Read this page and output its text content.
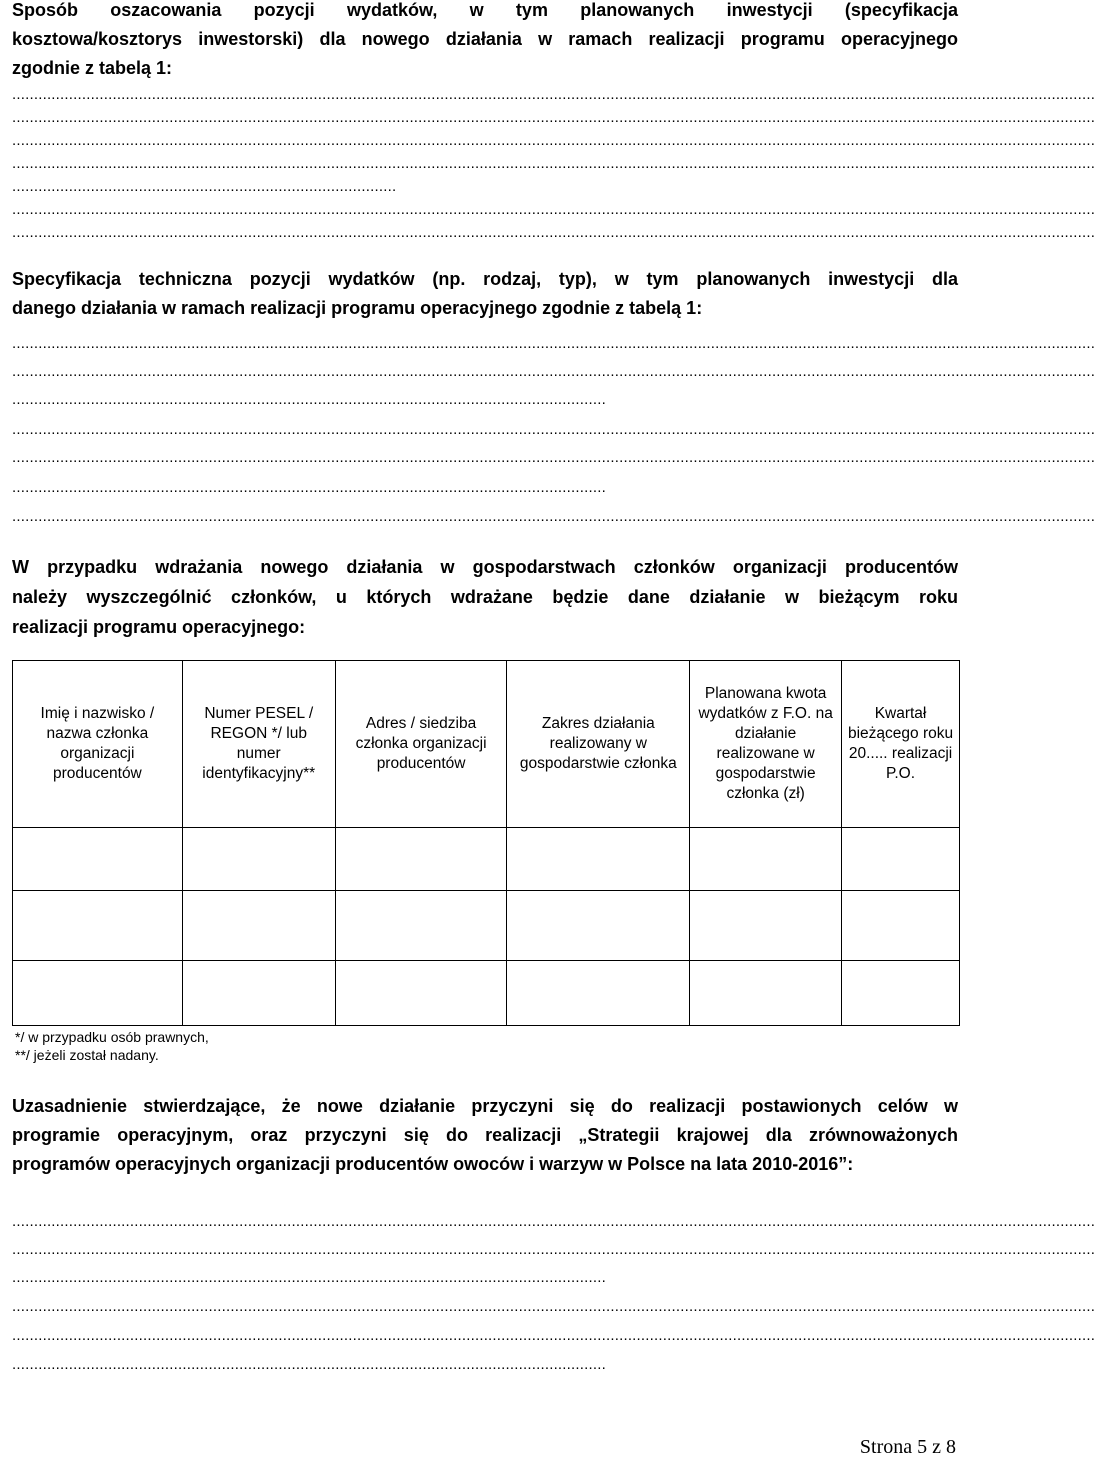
Sposób oszacowania pozycji wydatków, w tym planowanych inwestycji (specyfikacja
kosztowa/kosztorys inwestorski) dla nowego działania w ramach realizacji programu operacyjnego
zgodnie z tabelą 1:
........................................................................................................................................................................................................................................................
........................................................................................................................................................................................................................................................
........................................................................................................................................................................................................................................................
........................................................................................................................................................................................................................................................
........................................................................................
........................................................................................................................................................................................................................................................
........................................................................................................................................................................................................................................................
Specyfikacja techniczna pozycji wydatków (np. rodzaj, typ), w tym planowanych inwestycji dla
danego działania w ramach realizacji programu operacyjnego zgodnie z tabelą 1:
........................................................................................................................................................................................................................................................
........................................................................................................................................................................................................................................................
........................................................................................................................................
........................................................................................................................................................................................................................................................
........................................................................................................................................................................................................................................................
........................................................................................................................................
........................................................................................................................................................................................................................................................
W przypadku wdrażania nowego działania w gospodarstwach członków organizacji producentów
należy wyszczególnić członków, u których wdrażane będzie dane działanie w bieżącym roku
realizacji programu operacyjnego:
Imię i nazwisko / nazwa członka organizacji producentów	Numer PESEL / REGON */ lub numer identyfikacyjny**	Adres / siedziba członka organizacji producentów	Zakres działania realizowany w gospodarstwie członka	Planowana kwota wydatków z F.O. na działanie realizowane w gospodarstwie członka (zł)	Kwartał bieżącego roku 20..... realizacji P.O.

*/ w przypadku osób prawnych,
**/ jeżeli został nadany.
Uzasadnienie stwierdzające, że nowe działanie przyczyni się do realizacji postawionych celów w
programie operacyjnym, oraz przyczyni się do realizacji „Strategii krajowej dla zrównoważonych
programów operacyjnych organizacji producentów owoców i warzyw w Polsce na lata 2010-2016”:
........................................................................................................................................................................................................................................................
........................................................................................................................................................................................................................................................
........................................................................................................................................
........................................................................................................................................................................................................................................................
........................................................................................................................................................................................................................................................
........................................................................................................................................
Strona 5 z 8
